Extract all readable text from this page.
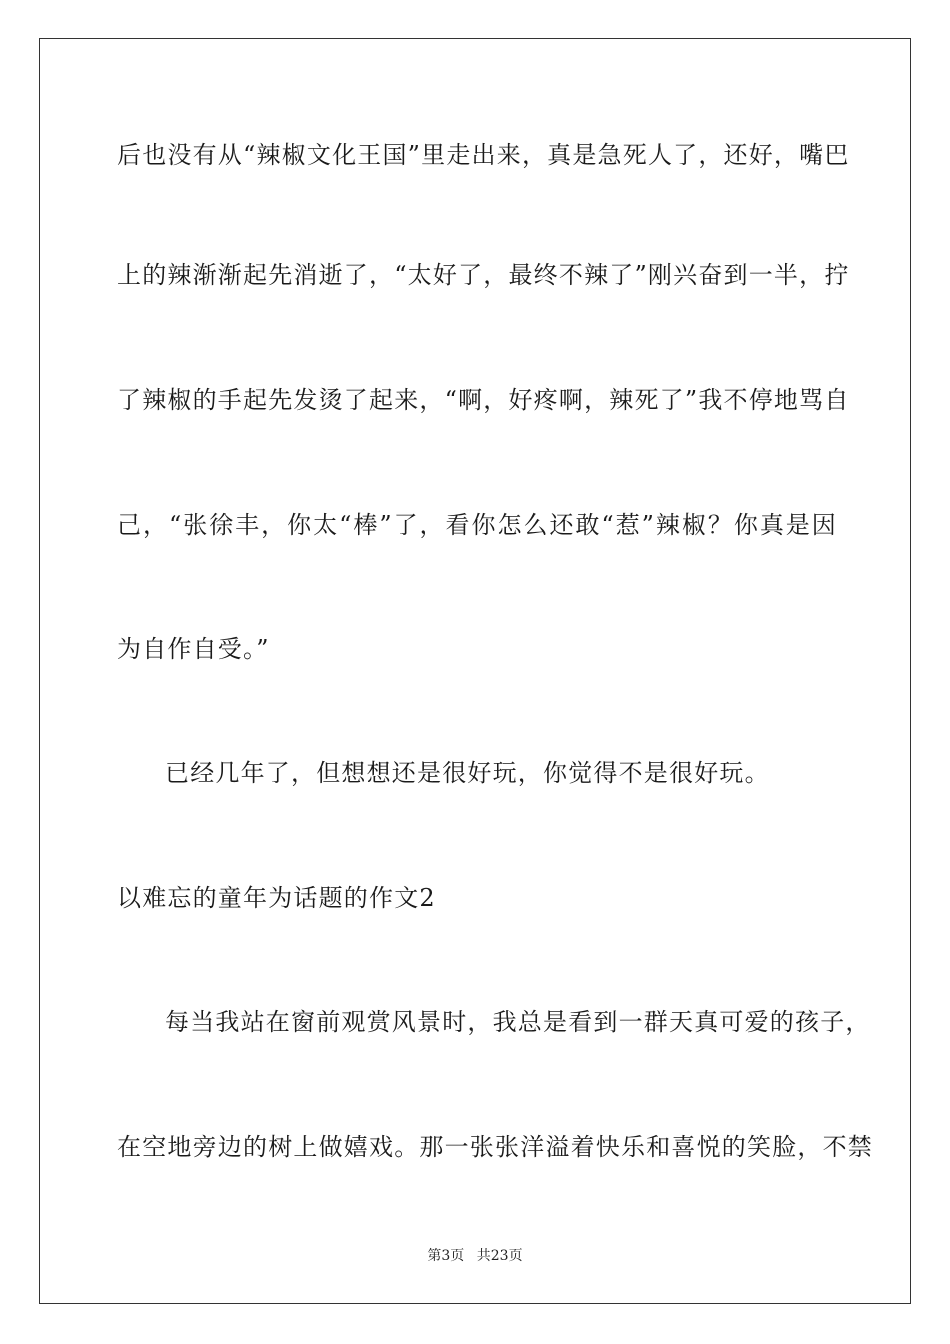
后也没有从“辣椒文化王国”里走出来，真是急死人了，还好，嘴巴
上的辣渐渐起先消逝了，“太好了，最终不辣了”刚兴奋到一半，拧
了辣椒的手起先发烫了起来，“啊，好疼啊，辣死了”我不停地骂自
己，“张徐丰，你太“棒”了，看你怎么还敢“惹”辣椒？你真是因
为自作自受。”
已经几年了，但想想还是很好玩，你觉得不是很好玩。
以难忘的童年为话题的作文2
每当我站在窗前观赏风景时，我总是看到一群天真可爱的孩子，
在空地旁边的树上做嬉戏。那一张张洋溢着快乐和喜悦的笑脸，不禁
第3页 共23页
